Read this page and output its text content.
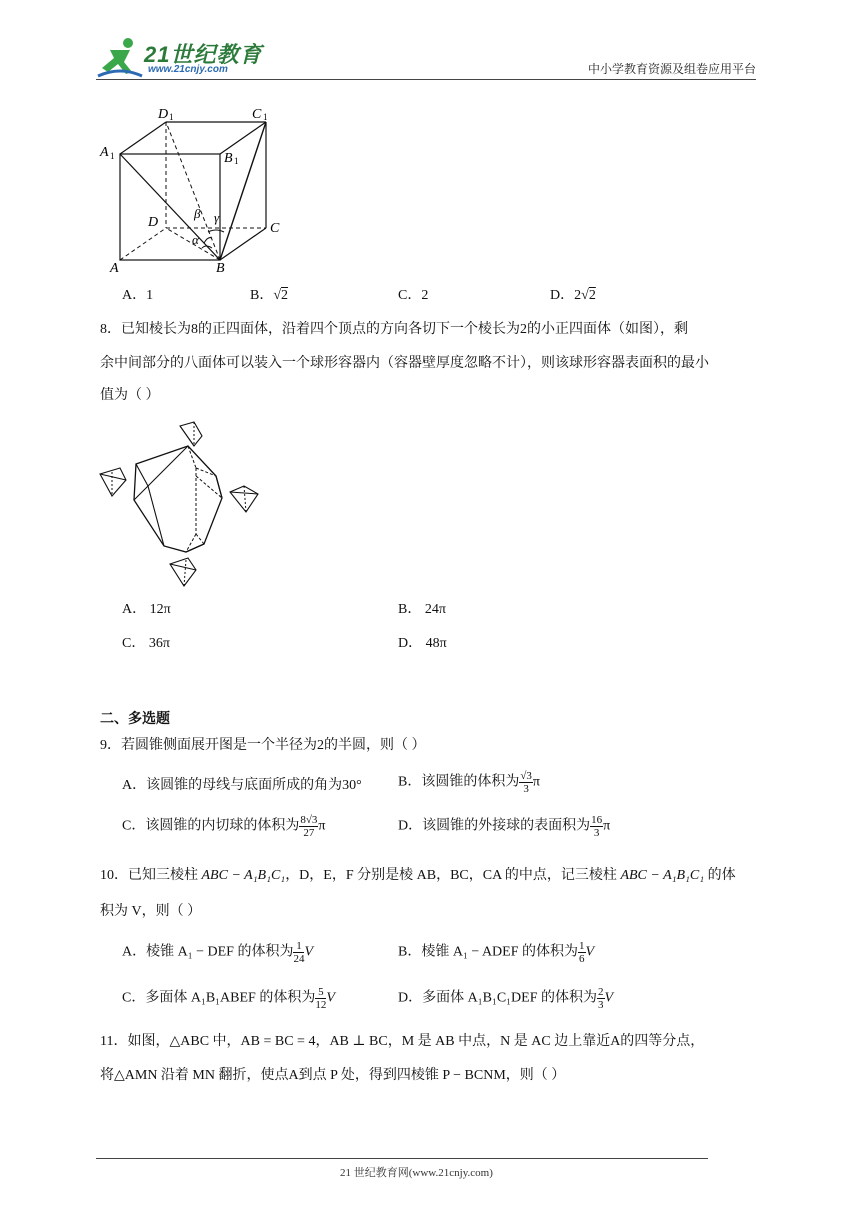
21世纪教育
www.21cnjy.com	中小学教育资源及组卷应用平台
D 1	C 1
A 1	B 1
D	C
A	B
β γ
α
A．1	B．√2	C．2	D．2√2
8．已知棱长为8的正四面体，沿着四个顶点的方向各切下一个棱长为2的小正四面体（如图），剩
余中间部分的八面体可以装入一个球形容器内（容器壁厚度忽略不计），则该球形容器表面积的最小
值为（ ）
A． 12π	B． 24π
C． 36π	D． 48π
二、多选题
9．若圆锥侧面展开图是一个半径为2的半圆，则（ ）
A．该圆锥的母线与底面所成的角为30°	B．该圆锥的体积为 $\frac{√3}{3}$ π
C．该圆锥的内切球的体积为 $\frac{8√3}{27}$ π	D．该圆锥的外接球的表面积为 $\frac{16}{3}$ π
10．已知三棱柱 ABC − A₁B₁C₁，D，E，F 分别是棱 AB，BC，CA 的中点，记三棱柱 ABC − A₁B₁C₁ 的体
积为 V，则（ ）
A．棱锥 A₁ − DEF 的体积为 $\frac{1}{24}$ V	B．棱锥 A₁ − ADEF 的体积为 $\frac{1}{6}$ V
C．多面体 A₁B₁ABEF 的体积为 $\frac{5}{12}$ V	D．多面体 A₁B₁C₁DEF 的体积为 $\frac{2}{3}$ V
11．如图，△ABC 中，AB = BC = 4，AB ⊥ BC，M 是 AB 中点，N 是 AC 边上靠近A的四等分点，
将△AMN 沿着 MN 翻折，使点A到点 P 处，得到四棱锥 P − BCNM，则（ ）
21 世纪教育网(www.21cnjy.com)
